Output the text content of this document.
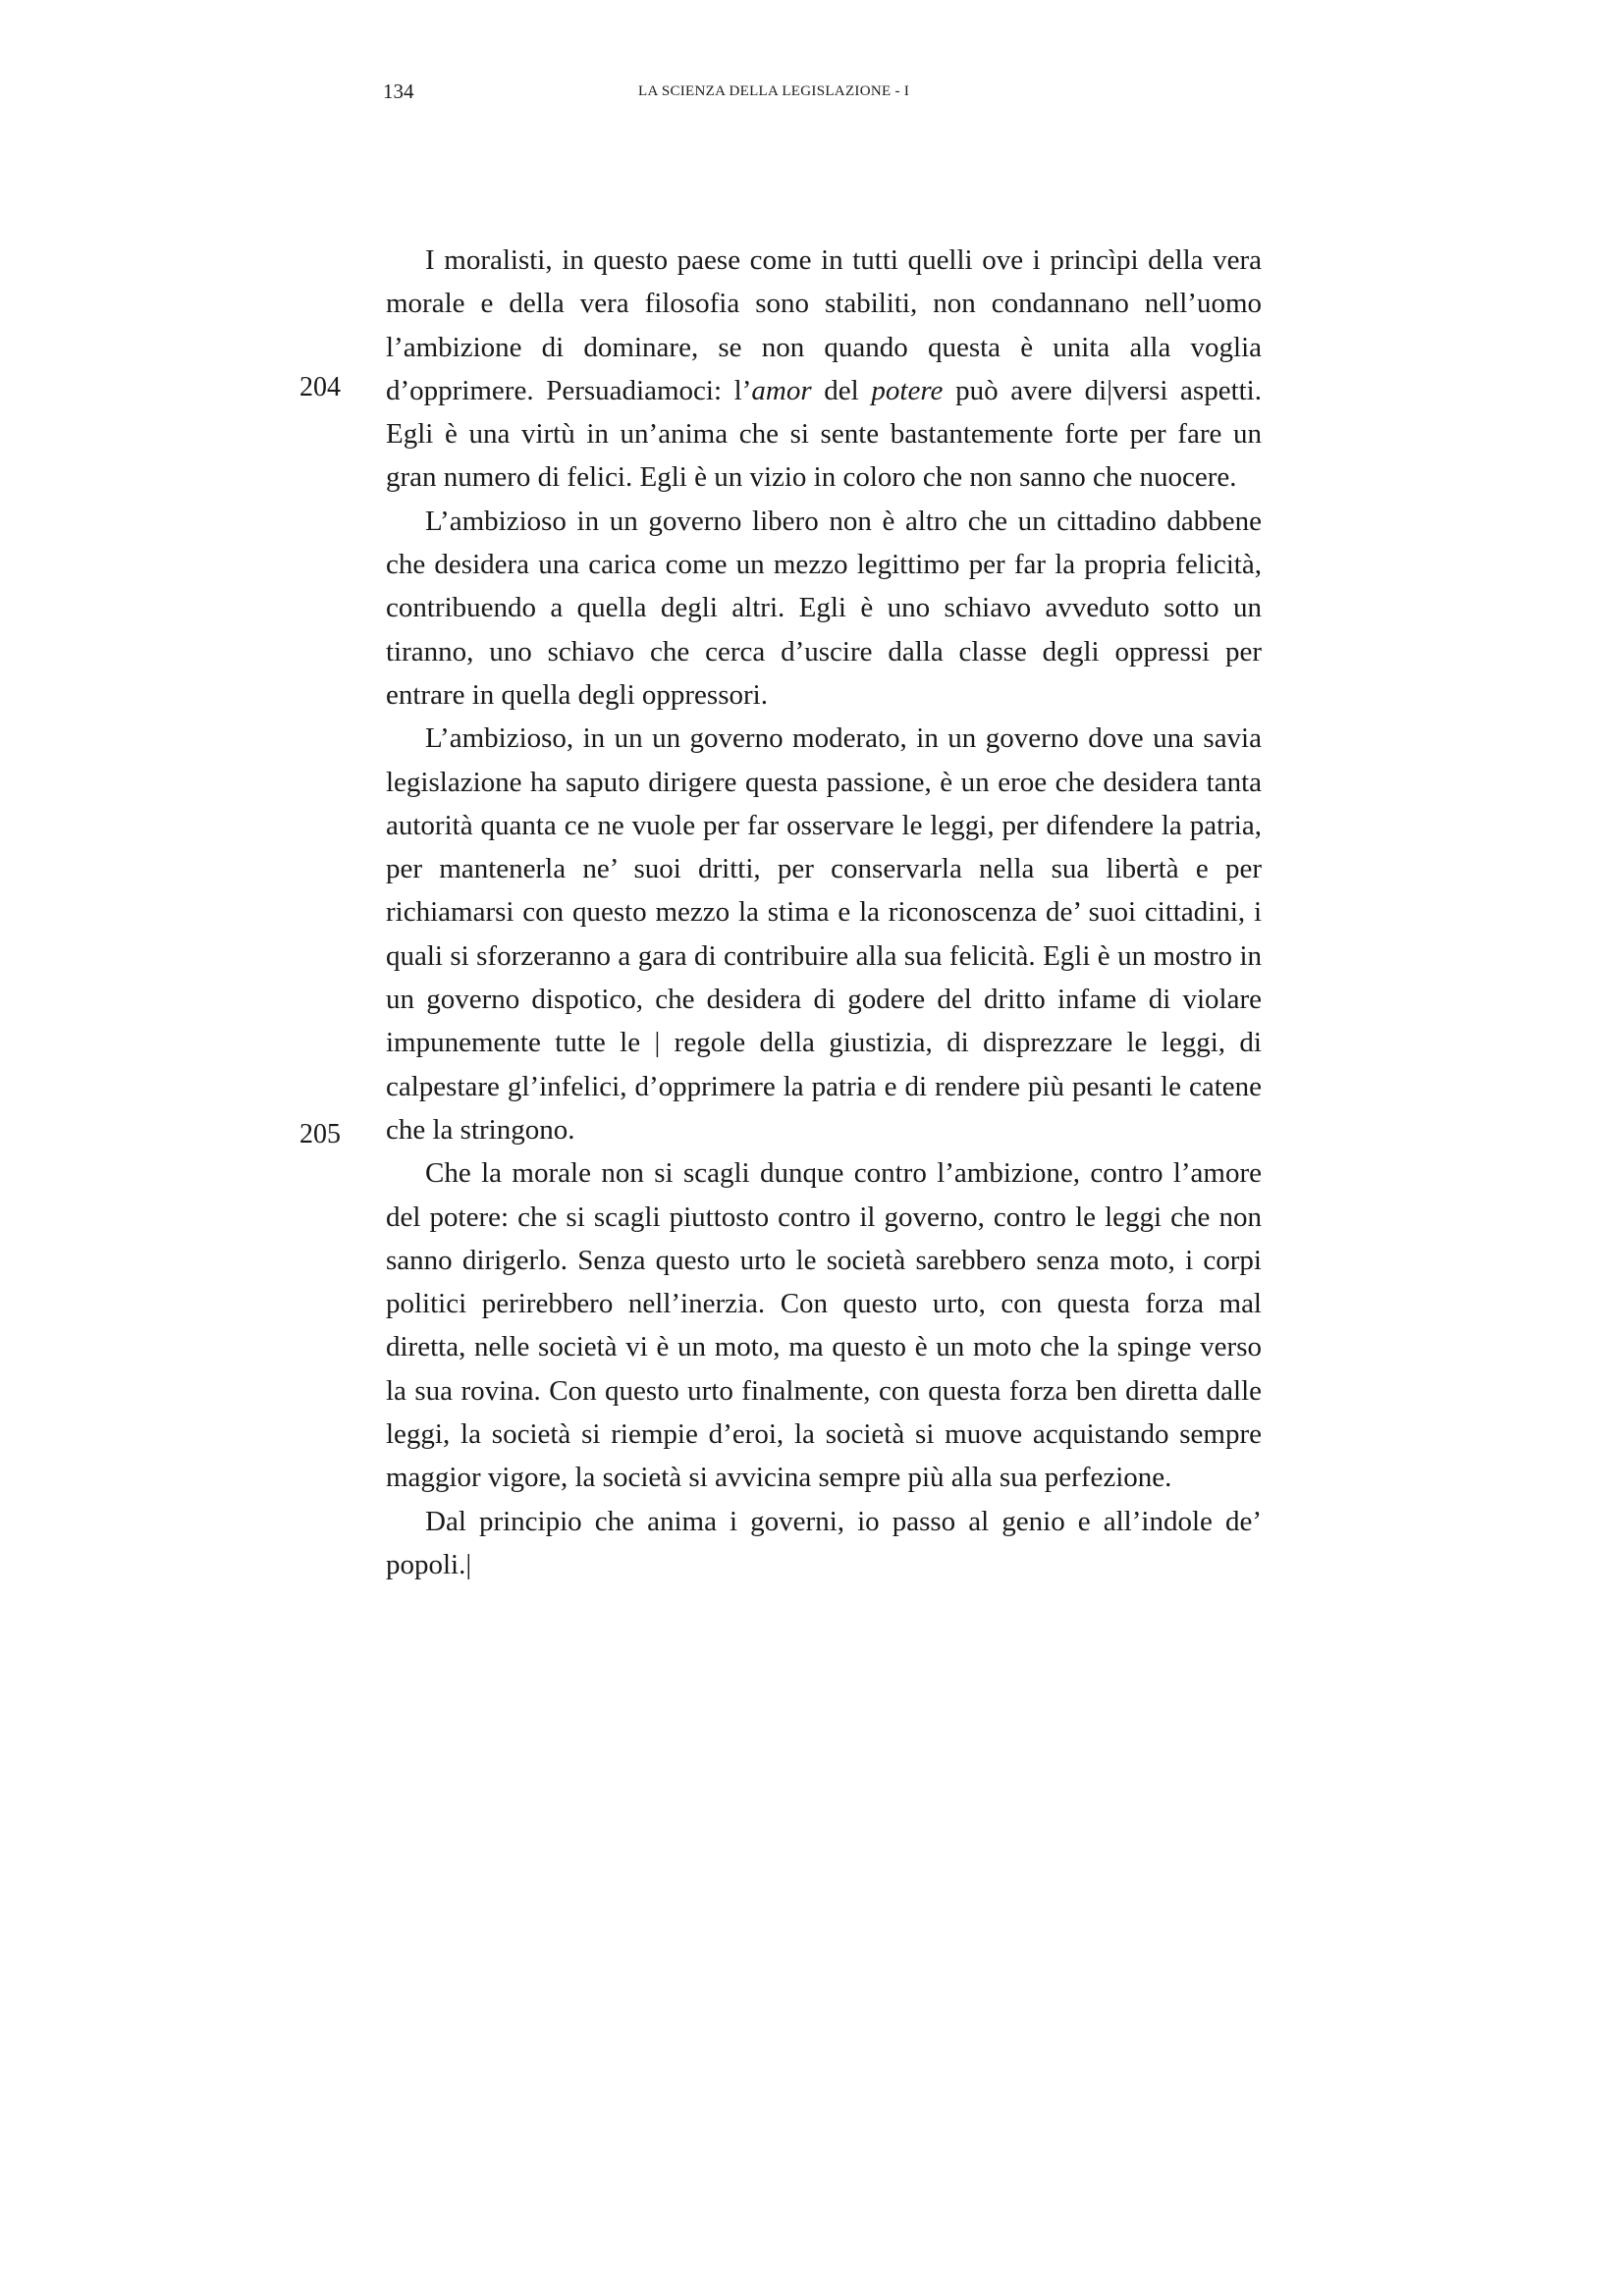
134	LA SCIENZA DELLA LEGISLAZIONE - I
204
205

I moralisti, in questo paese come in tutti quelli ove i princìpi della vera morale e della vera filosofia sono stabiliti, non condannano nell’uomo l’ambizione di dominare, se non quando questa è unita alla voglia d’opprimere. Persuadiamoci: l’amor del potere può avere di|versi aspetti. Egli è una virtù in un’anima che si sente bastantemente forte per fare un gran numero di felici. Egli è un vizio in coloro che non sanno che nuocere.

L’ambizioso in un governo libero non è altro che un cittadino dabbene che desidera una carica come un mezzo legittimo per far la propria felicità, contribuendo a quella degli altri. Egli è uno schiavo avveduto sotto un tiranno, uno schiavo che cerca d’uscire dalla classe degli oppressi per entrare in quella degli oppressori.

L’ambizioso, in un un governo moderato, in un governo dove una savia legislazione ha saputo dirigere questa passione, è un eroe che desidera tanta autorità quanta ce ne vuole per far osservare le leggi, per difendere la patria, per mantenerla ne’ suoi dritti, per conservarla nella sua libertà e per richiamarsi con questo mezzo la stima e la riconoscenza de’ suoi cittadini, i quali si sforzeranno a gara di contribuire alla sua felicità. Egli è un mostro in un governo dispotico, che desidera di godere del dritto infame di violare impunemente tutte le | regole della giustizia, di disprezzare le leggi, di calpestare gl’infelici, d’opprimere la patria e di rendere più pesanti le catene che la stringono.

Che la morale non si scagli dunque contro l’ambizione, contro l’amore del potere: che si scagli piuttosto contro il governo, contro le leggi che non sanno dirigerlo. Senza questo urto le società sarebbero senza moto, i corpi politici perirebbero nell’inerzia. Con questo urto, con questa forza mal diretta, nelle società vi è un moto, ma questo è un moto che la spinge verso la sua rovina. Con questo urto finalmente, con questa forza ben diretta dalle leggi, la società si riempie d’eroi, la società si muove acquistando sempre maggior vigore, la società si avvicina sempre più alla sua perfezione.

Dal principio che anima i governi, io passo al genio e all’indole de’ popoli.|
